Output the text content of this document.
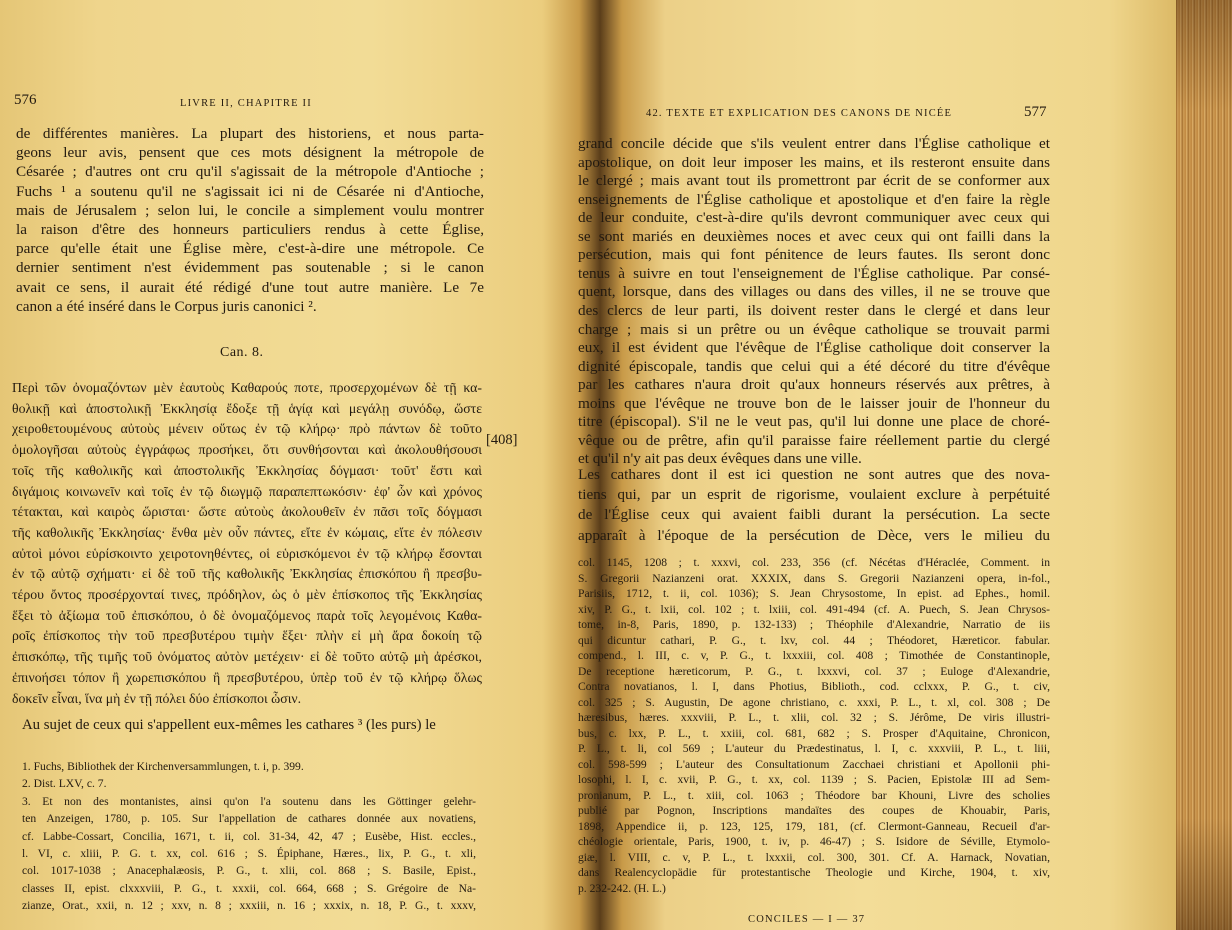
576	LIVRE II, CHAPITRE II
de différentes manières. La plupart des historiens, et nous parta-
geons leur avis, pensent que ces mots désignent la métropole de
Césarée ; d'autres ont cru qu'il s'agissait de la métropole d'Antioche ;
Fuchs ¹ a soutenu qu'il ne s'agissait ici ni de Césarée ni d'Antioche,
mais de Jérusalem ; selon lui, le concile a simplement voulu montrer
la raison d'être des honneurs particuliers rendus à cette Église,
parce qu'elle était une Église mère, c'est-à-dire une métropole. Ce
dernier sentiment n'est évidemment pas soutenable ; si le canon
avait ce sens, il aurait été rédigé d'une tout autre manière. Le 7e
canon a été inséré dans le Corpus juris canonici ².
Can. 8.
[408]
Περὶ τῶν ὀνομαζόντων μὲν ἑαυτοὺς Καθαρούς ποτε, προσερχομένων δὲ τῇ κα-
θολικῇ καὶ ἀποστολικῇ Ἐκκλησίᾳ ἔδοξε τῇ ἁγίᾳ καὶ μεγάλῃ συνόδῳ, ὥστε
χειροθετουμένους αὐτοὺς μένειν οὕτως ἐν τῷ κλήρῳ· πρὸ πάντων δὲ τοῦτο
ὁμολογῆσαι αὐτοὺς ἐγγράφως προσήκει, ὅτι συνθήσονται καὶ ἀκολουθήσουσι
τοῖς τῆς καθολικῆς καὶ ἀποστολικῆς Ἐκκλησίας δόγμασι· τοῦτ' ἔστι καὶ
διγάμοις κοινωνεῖν καὶ τοῖς ἐν τῷ διωγμῷ παραπεπτωκόσιν· ἐφ' ὧν καὶ χρόνος
τέτακται, καὶ καιρὸς ὥρισται· ὥστε αὐτοὺς ἀκολουθεῖν ἐν πᾶσι τοῖς δόγμασι
τῆς καθολικῆς Ἐκκλησίας· ἔνθα μὲν οὖν πάντες, εἴτε ἐν κώμαις, εἴτε ἐν πόλεσιν
αὐτοὶ μόνοι εὑρίσκοιντο χειροτονηθέντες, οἱ εὑρισκόμενοι ἐν τῷ κλήρῳ ἔσονται
ἐν τῷ αὐτῷ σχήματι· εἰ δὲ τοῦ τῆς καθολικῆς Ἐκκλησίας ἐπισκόπου ἢ πρεσβυ-
τέρου ὄντος προσέρχονταί τινες, πρόδηλον, ὡς ὁ μὲν ἐπίσκοπος τῆς Ἐκκλησίας
ἕξει τὸ ἀξίωμα τοῦ ἐπισκόπου, ὁ δὲ ὀνομαζόμενος παρὰ τοῖς λεγομένοις Καθα-
ροῖς ἐπίσκοπος τὴν τοῦ πρεσβυτέρου τιμὴν ἕξει· πλὴν εἰ μὴ ἄρα δοκοίη τῷ
ἐπισκόπῳ, τῆς τιμῆς τοῦ ὀνόματος αὐτὸν μετέχειν· εἰ δὲ τοῦτο αὐτῷ μὴ ἀρέσκοι,
ἐπινοήσει τόπον ἢ χωρεπισκόπου ἢ πρεσβυτέρου, ὑπὲρ τοῦ ἐν τῷ κλήρῳ ὅλως
δοκεῖν εἶναι, ἵνα μὴ ἐν τῇ πόλει δύο ἐπίσκοποι ὦσιν.
Au sujet de ceux qui s'appellent eux-mêmes les cathares ³ (les purs) le
1. Fuchs, Bibliothek der Kirchenversammlungen, t. i, p. 399.
2. Dist. LXV, c. 7.
3. Et non des montanistes, ainsi qu'on l'a soutenu dans les Göttinger gelehr-
ten Anzeigen, 1780, p. 105. Sur l'appellation de cathares donnée aux novatiens,
cf. Labbe-Cossart, Concilia, 1671, t. ii, col. 31-34, 42, 47 ; Eusèbe, Hist. eccles.,
l. VI, c. xliii, P. G. t. xx, col. 616 ; S. Épiphane, Hæres., lix, P. G., t. xli,
col. 1017-1038 ; Anacephalæosis, P. G., t. xlii, col. 868 ; S. Basile, Epist.,
classes II, epist. clxxxviii, P. G., t. xxxii, col. 664, 668 ; S. Grégoire de Na-
zianze, Orat., xxii, n. 12 ; xxv, n. 8 ; xxxiii, n. 16 ; xxxix, n. 18, P. G., t. xxxv,
42. TEXTE ET EXPLICATION DES CANONS DE NICÉE	577
grand concile décide que s'ils veulent entrer dans l'Église catholique et
apostolique, on doit leur imposer les mains, et ils resteront ensuite dans
le clergé ; mais avant tout ils promettront par écrit de se conformer aux
enseignements de l'Église catholique et apostolique et d'en faire la règle
de leur conduite, c'est-à-dire qu'ils devront communiquer avec ceux qui
se sont mariés en deuxièmes noces et avec ceux qui ont failli dans la
persécution, mais qui font pénitence de leurs fautes. Ils seront donc
tenus à suivre en tout l'enseignement de l'Église catholique. Par consé-
quent, lorsque, dans des villages ou dans des villes, il ne se trouve que
des clercs de leur parti, ils doivent rester dans le clergé et dans leur
charge ; mais si un prêtre ou un évêque catholique se trouvait parmi
eux, il est évident que l'évêque de l'Église catholique doit conserver la
dignité épiscopale, tandis que celui qui a été décoré du titre d'évêque
par les cathares n'aura droit qu'aux honneurs réservés aux prêtres, à
moins que l'évêque ne trouve bon de le laisser jouir de l'honneur du
titre (épiscopal). S'il ne le veut pas, qu'il lui donne une place de choré-
vêque ou de prêtre, afin qu'il paraisse faire réellement partie du clergé
et qu'il n'y ait pas deux évêques dans une ville.
Les cathares dont il est ici question ne sont autres que des nova-
tiens qui, par un esprit de rigorisme, voulaient exclure à perpétuité
de l'Église ceux qui avaient faibli durant la persécution. La secte
apparaît à l'époque de la persécution de Dèce, vers le milieu du
col. 1145, 1208 ; t. xxxvi, col. 233, 356 (cf. Nécétas d'Héraclée, Comment. in
S. Gregorii Nazianzeni orat. XXXIX, dans S. Gregorii Nazianzeni opera, in-fol.,
Parisiis, 1712, t. ii, col. 1036); S. Jean Chrysostome, In epist. ad Ephes., homil.
xiv, P. G., t. lxii, col. 102 ; t. lxiii, col. 491-494 (cf. A. Puech, S. Jean Chrysos-
tome, in-8, Paris, 1890, p. 132-133) ; Théophile d'Alexandrie, Narratio de iis
qui dicuntur cathari, P. G., t. lxv, col. 44 ; Théodoret, Hæreticor. fabular.
compend., l. III, c. v, P. G., t. lxxxiii, col. 408 ; Timothée de Constantinople,
De receptione hæreticorum, P. G., t. lxxxvi, col. 37 ; Euloge d'Alexandrie,
Contra novatianos, l. I, dans Photius, Biblioth., cod. cclxxx, P. G., t. civ,
col. 325 ; S. Augustin, De agone christiano, c. xxxi, P. L., t. xl, col. 308 ; De
hæresibus, hæres. xxxviii, P. L., t. xlii, col. 32 ; S. Jérôme, De viris illustri-
bus, c. lxx, P. L., t. xxiii, col. 681, 682 ; S. Prosper d'Aquitaine, Chronicon,
P. L., t. li, col 569 ; L'auteur du Prædestinatus, l. I, c. xxxviii, P. L., t. liii,
col. 598-599 ; L'auteur des Consultationum Zacchaei christiani et Apollonii phi-
losophi, l. I, c. xvii, P. G., t. xx, col. 1139 ; S. Pacien, Epistolæ III ad Sem-
pronianum, P. L., t. xiii, col. 1063 ; Théodore bar Khouni, Livre des scholies
publié par Pognon, Inscriptions mandaïtes des coupes de Khouabir, Paris,
1898, Appendice ii, p. 123, 125, 179, 181, (cf. Clermont-Ganneau, Recueil d'ar-
chéologie orientale, Paris, 1900, t. iv, p. 46-47) ; S. Isidore de Séville, Etymolo-
giæ, l. VIII, c. v, P. L., t. lxxxii, col. 300, 301. Cf. A. Harnack, Novatian,
dans Realencyclopädie für protestantische Theologie und Kirche, 1904, t. xiv,
p. 232-242. (H. L.)
CONCILES — I — 37
